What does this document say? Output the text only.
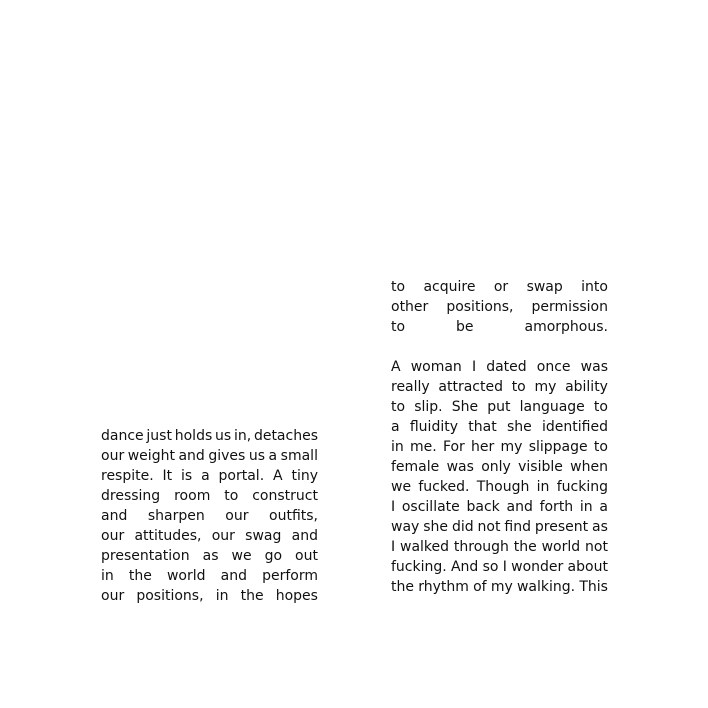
dance just holds us in, detaches
our weight and gives us a small
respite. It is a portal. A tiny
dressing room to construct
and sharpen our outfits,
our attitudes, our swag and
presentation as we go out
in the world and perform
our positions, in the hopes
to acquire or swap into
other positions, permission
to	be	amorphous.
A woman I dated once was
really attracted to my ability
to slip. She put language to
a fluidity that she identified
in me. For her my slippage to
female was only visible when
we fucked. Though in fucking
I oscillate back and forth in a
way she did not find present as
I walked through the world not
fucking. And so I wonder about
the rhythm of my walking. This
